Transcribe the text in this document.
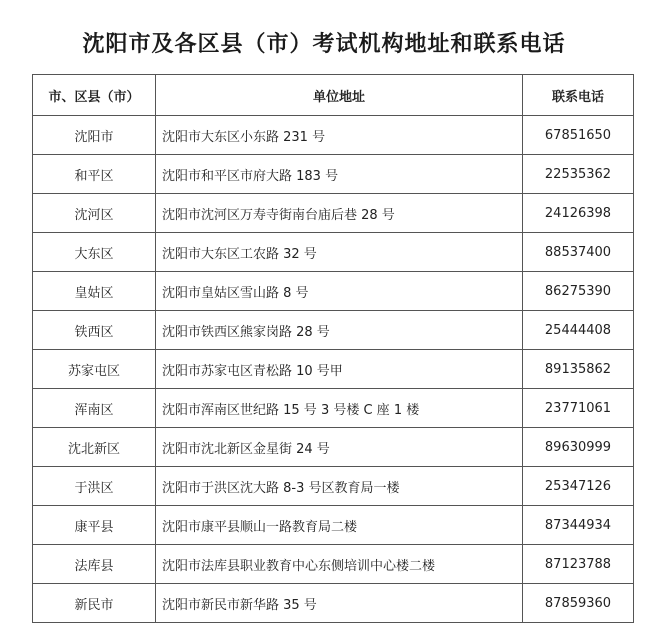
沈阳市及各区县（市）考试机构地址和联系电话
市、区县（市）	单位地址	联系电话
沈阳市	沈阳市大东区小东路 231 号	67851650
和平区	沈阳市和平区市府大路 183 号	22535362
沈河区	沈阳市沈河区万寿寺街南台庙后巷 28 号	24126398
大东区	沈阳市大东区工农路 32 号	88537400
皇姑区	沈阳市皇姑区雪山路 8 号	86275390
铁西区	沈阳市铁西区熊家岗路 28 号	25444408
苏家屯区	沈阳市苏家屯区青松路 10 号甲	89135862
浑南区	沈阳市浑南区世纪路 15 号 3 号楼 C 座 1 楼	23771061
沈北新区	沈阳市沈北新区金星街 24 号	89630999
于洪区	沈阳市于洪区沈大路 8-3 号区教育局一楼	25347126
康平县	沈阳市康平县顺山一路教育局二楼	87344934
法库县	沈阳市法库县职业教育中心东侧培训中心楼二楼	87123788
新民市	沈阳市新民市新华路 35 号	87859360
